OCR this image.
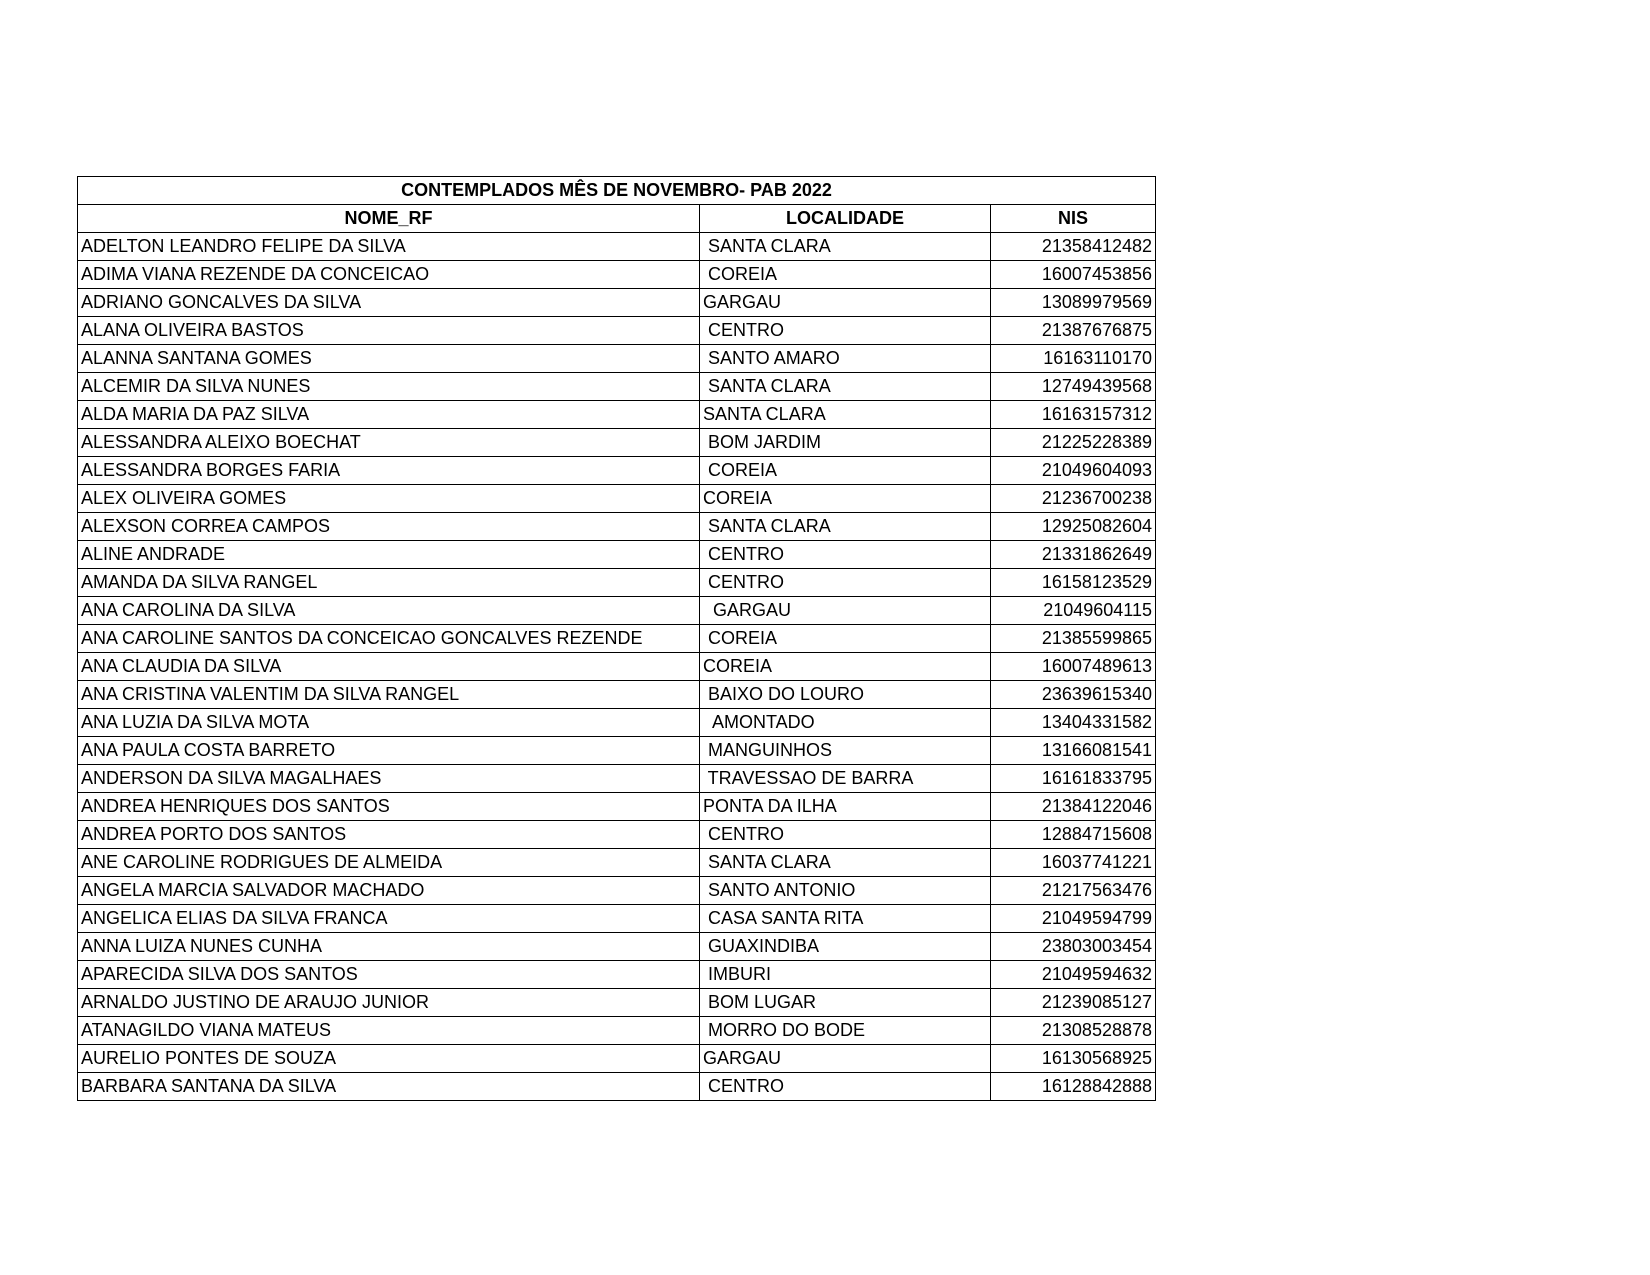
CONTEMPLADOS MÊS DE NOVEMBRO- PAB 2022		
NOME_RF	LOCALIDADE	NIS
ADELTON LEANDRO FELIPE DA SILVA	SANTA CLARA	21358412482
ADIMA VIANA REZENDE DA CONCEICAO	COREIA	16007453856
ADRIANO GONCALVES DA SILVA	GARGAU	13089979569
ALANA OLIVEIRA BASTOS	CENTRO	21387676875
ALANNA SANTANA GOMES	SANTO AMARO	16163110170
ALCEMIR DA SILVA NUNES	SANTA CLARA	12749439568
ALDA MARIA DA PAZ SILVA	SANTA CLARA	16163157312
ALESSANDRA ALEIXO BOECHAT	BOM JARDIM	21225228389
ALESSANDRA BORGES FARIA	COREIA	21049604093
ALEX OLIVEIRA GOMES	COREIA	21236700238
ALEXSON CORREA CAMPOS	SANTA CLARA	12925082604
ALINE ANDRADE	CENTRO	21331862649
AMANDA DA SILVA RANGEL	CENTRO	16158123529
ANA CAROLINA DA SILVA	GARGAU	21049604115
ANA CAROLINE SANTOS DA CONCEICAO GONCALVES REZENDE	COREIA	21385599865
ANA CLAUDIA DA SILVA	COREIA	16007489613
ANA CRISTINA VALENTIM DA SILVA RANGEL	BAIXO DO LOURO	23639615340
ANA LUZIA DA SILVA MOTA	AMONTADO	13404331582
ANA PAULA COSTA BARRETO	MANGUINHOS	13166081541
ANDERSON DA SILVA MAGALHAES	TRAVESSAO DE BARRA	16161833795
ANDREA HENRIQUES DOS SANTOS	PONTA DA ILHA	21384122046
ANDREA PORTO DOS SANTOS	CENTRO	12884715608
ANE CAROLINE RODRIGUES DE ALMEIDA	SANTA CLARA	16037741221
ANGELA MARCIA SALVADOR MACHADO	SANTO ANTONIO	21217563476
ANGELICA ELIAS DA SILVA FRANCA	CASA SANTA RITA	21049594799
ANNA LUIZA NUNES CUNHA	GUAXINDIBA	23803003454
APARECIDA SILVA DOS SANTOS	IMBURI	21049594632
ARNALDO JUSTINO DE ARAUJO JUNIOR	BOM LUGAR	21239085127
ATANAGILDO VIANA MATEUS	MORRO DO BODE	21308528878
AURELIO PONTES DE SOUZA	GARGAU	16130568925
BARBARA SANTANA DA SILVA	CENTRO	16128842888
